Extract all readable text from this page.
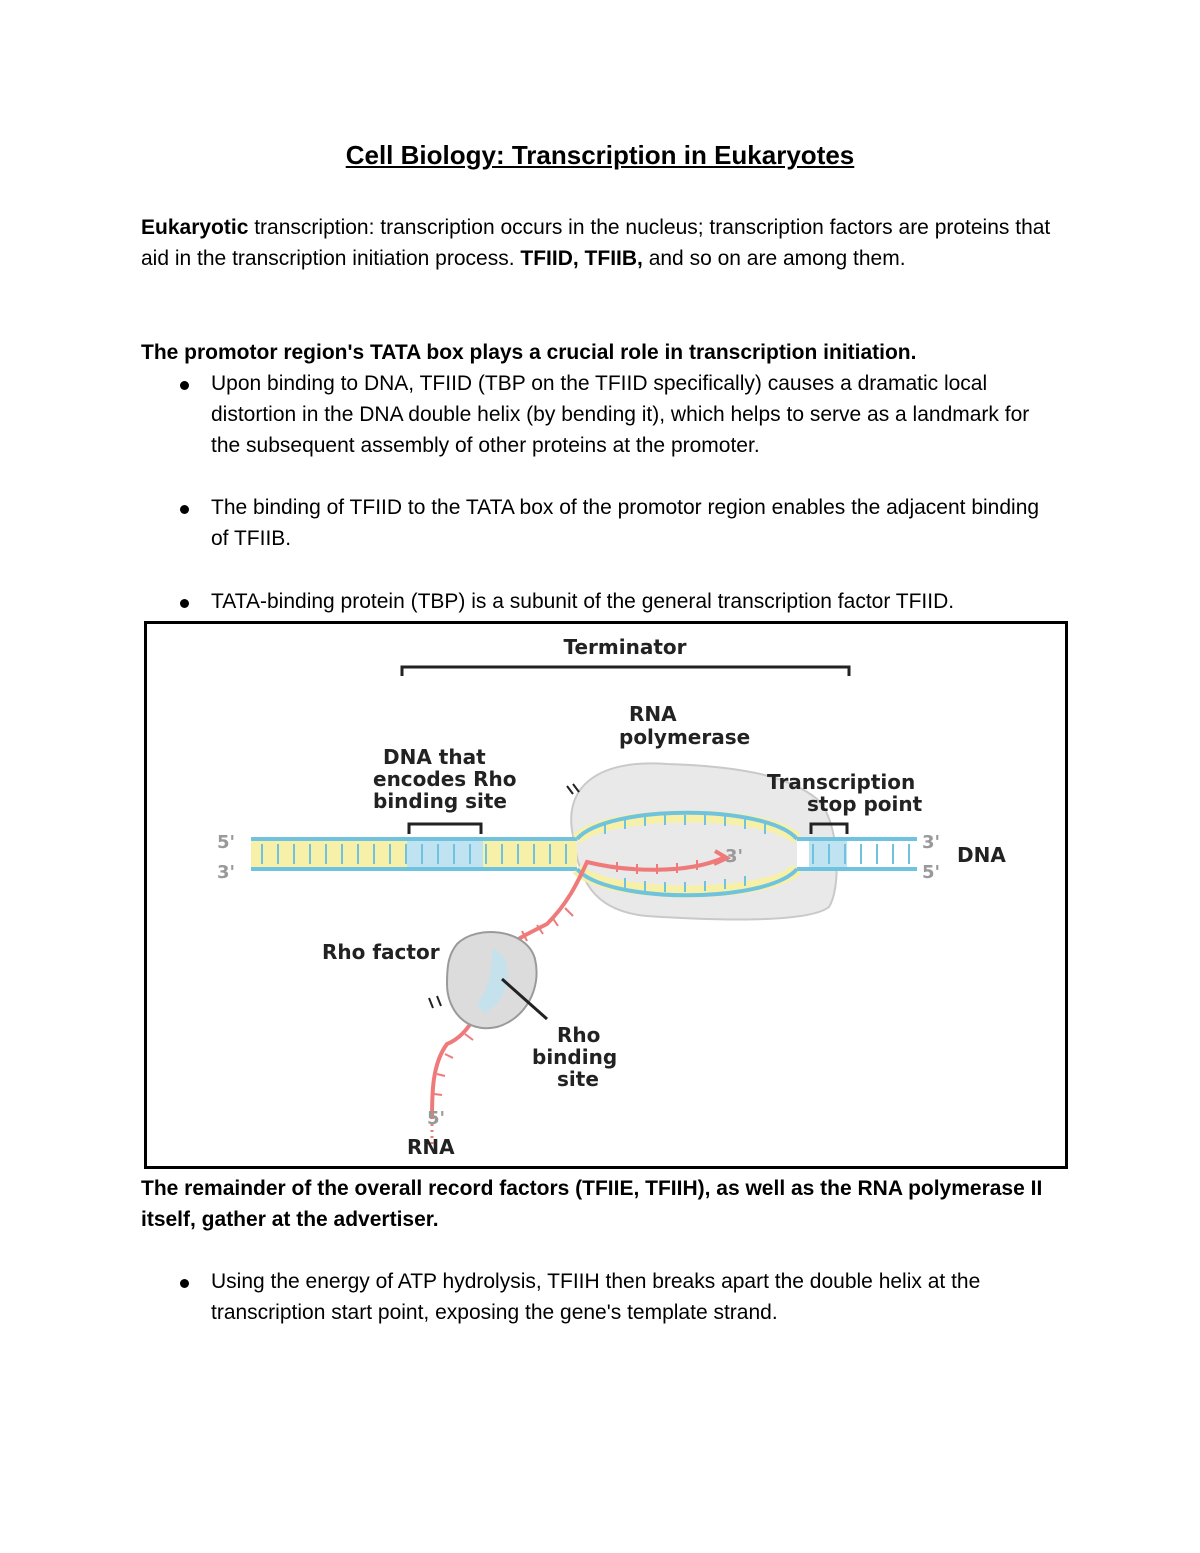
Cell Biology: Transcription in Eukaryotes
Eukaryotic transcription: transcription occurs in the nucleus; transcription factors are proteins that aid in the transcription initiation process. TFIID, TFIIB, and so on are among them.
The promotor region's TATA box plays a crucial role in transcription initiation.
Upon binding to DNA, TFIID (TBP on the TFIID specifically) causes a dramatic local distortion in the DNA double helix (by bending it), which helps to serve as a landmark for the subsequent assembly of other proteins at the promoter.
The binding of TFIID to the TATA box of the promotor region enables the adjacent binding of TFIIB.
TATA-binding protein (TBP) is a subunit of the general transcription factor TFIID.
Terminator
RNA
polymerase
DNA that
encodes Rho
binding site
Transcription
stop point
5'
3'
3'
5'
3'	DNA
Rho factor
Rho
binding
site
5'
RNA
The remainder of the overall record factors (TFIIE, TFIIH), as well as the RNA polymerase II itself, gather at the advertiser.
Using the energy of ATP hydrolysis, TFIIH then breaks apart the double helix at the transcription start point, exposing the gene's template strand.
